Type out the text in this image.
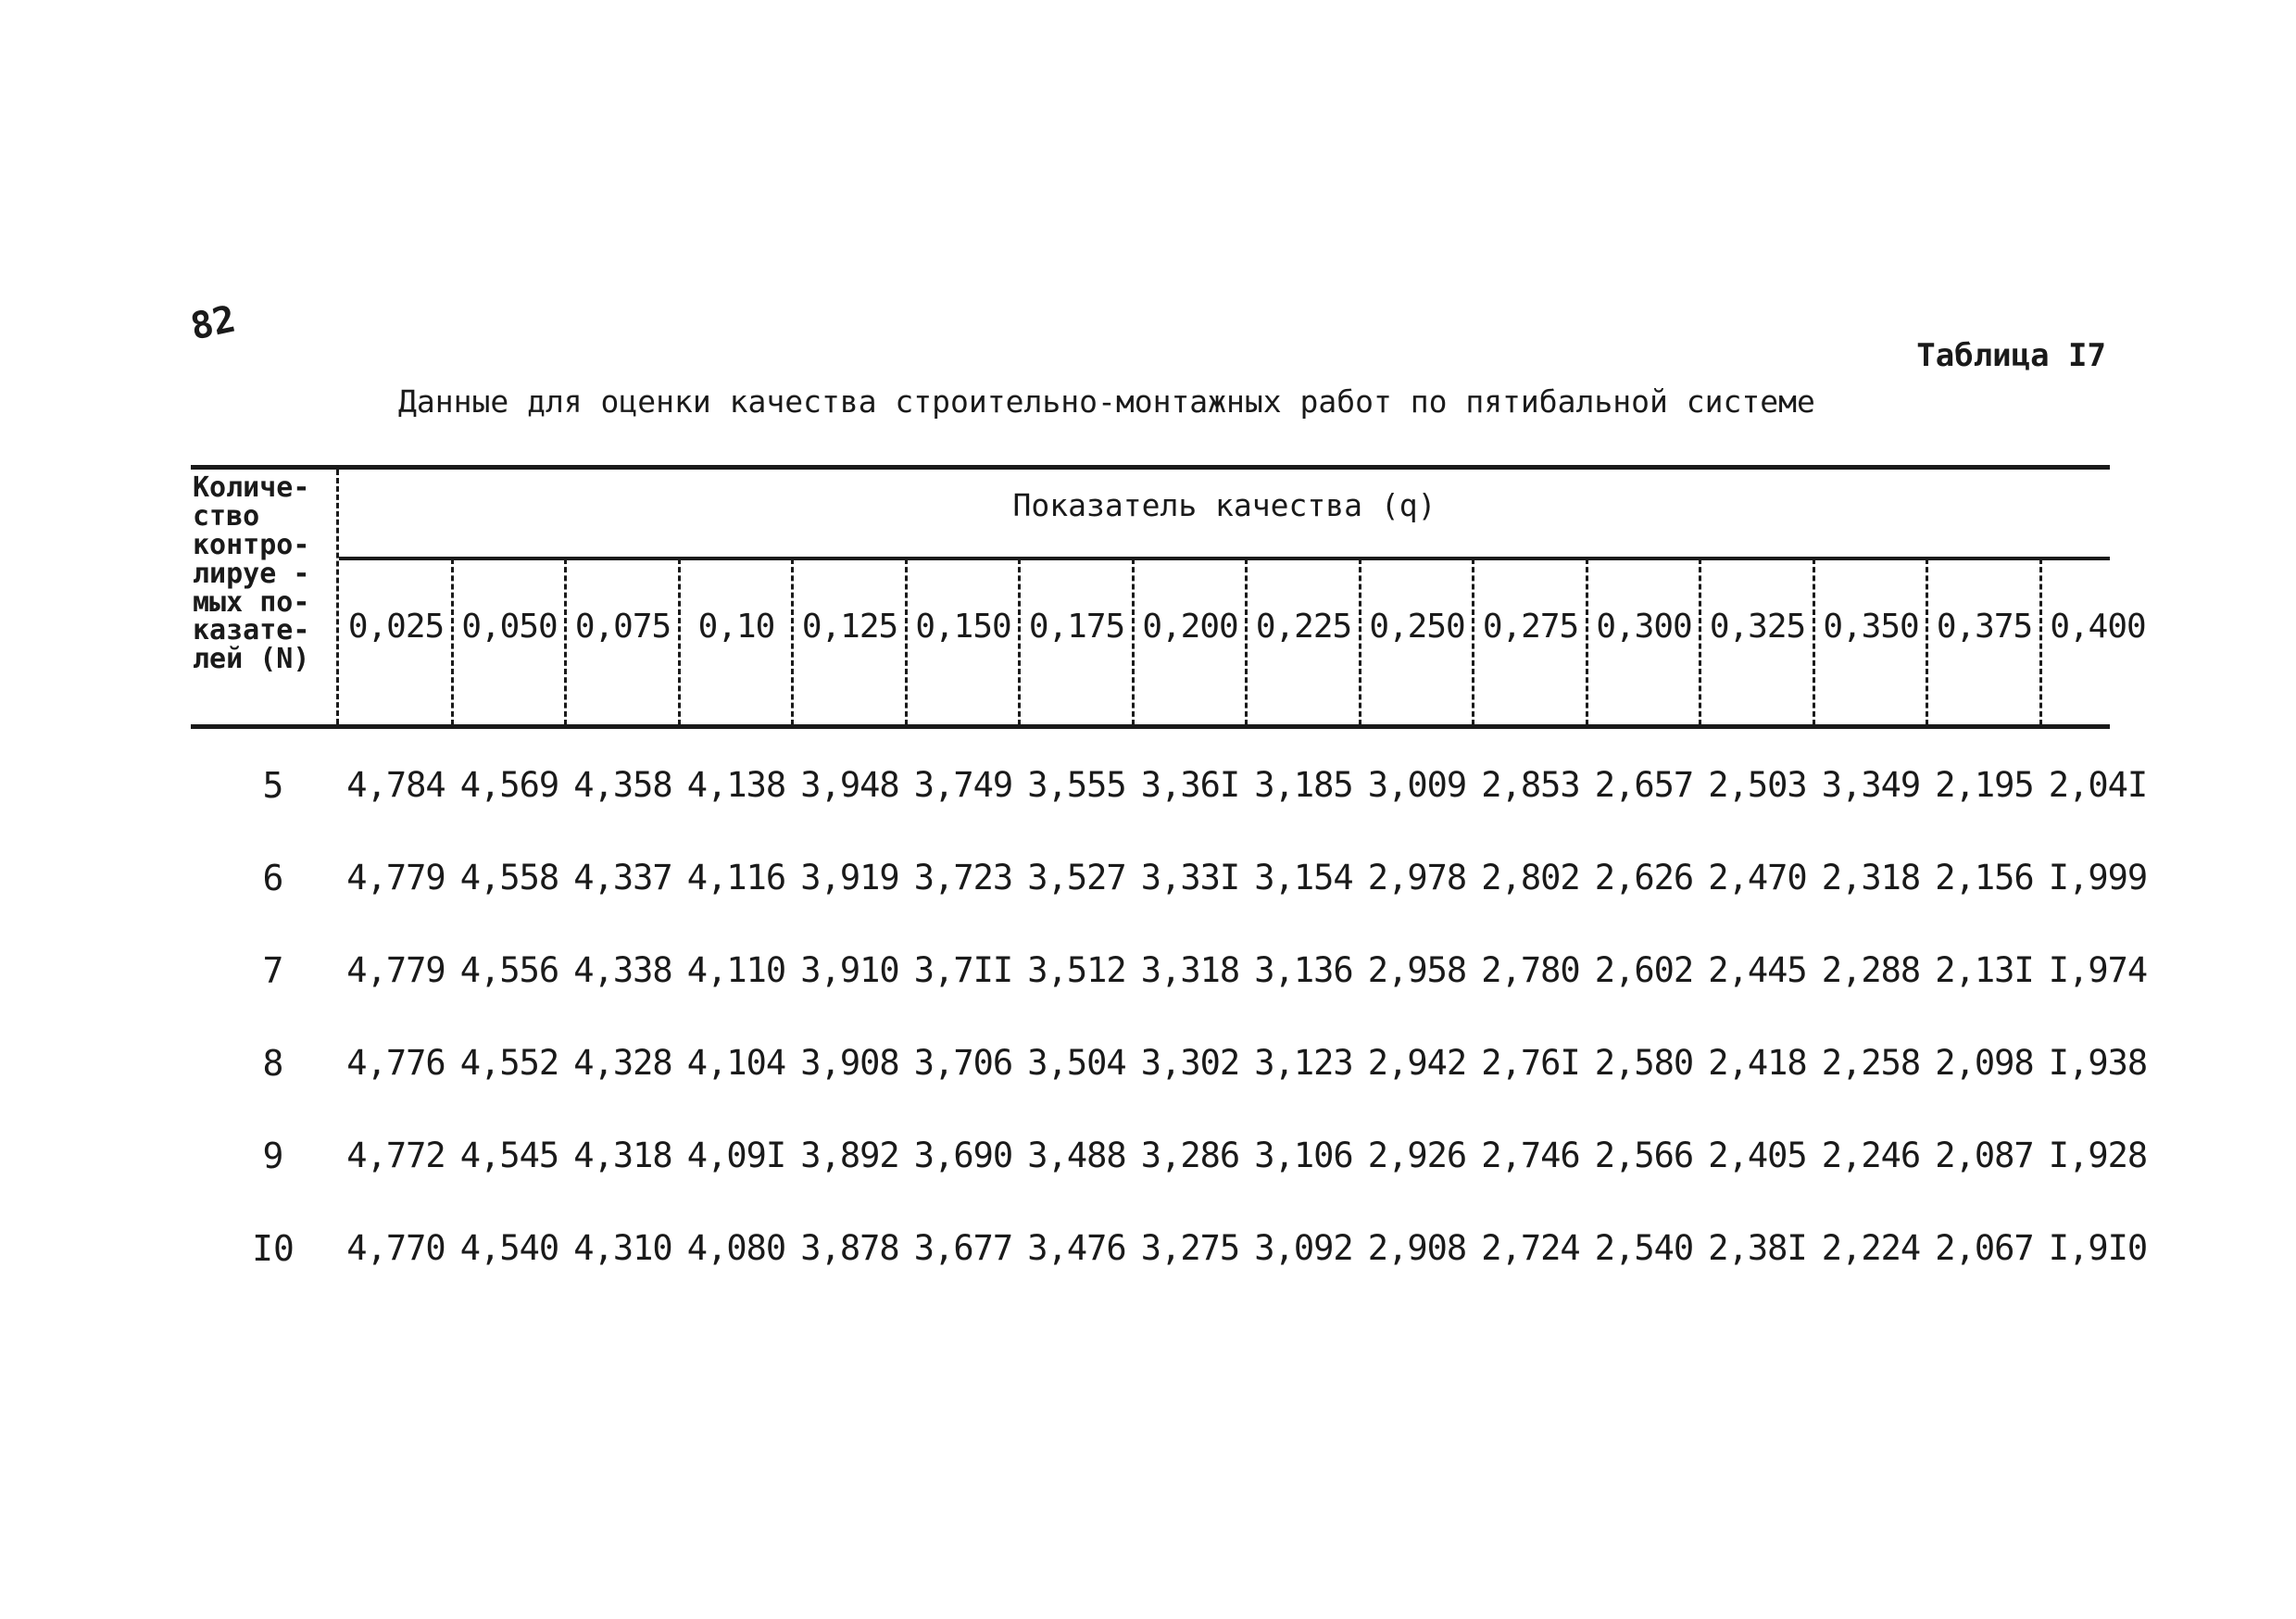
82
Таблица I7
Данные для оценки качества строительно-монтажных работ по пятибальной системе
Количе-
ство
контро-
лируе -
мых по-
казате-
лей (N)
Показатель качества (q)
0,025 0,050 0,075 0,10 0,125 0,150 0,175 0,200 0,225 0,250 0,275 0,300 0,325 0,350 0,375 0,400
5	4,784 4,569 4,358 4,138 3,948 3,749 3,555 3,36I 3,185 3,009 2,853 2,657 2,503 3,349 2,195 2,04I
6	4,779 4,558 4,337 4,116 3,919 3,723 3,527 3,33I 3,154 2,978 2,802 2,626 2,470 2,318 2,156 I,999
7	4,779 4,556 4,338 4,110 3,910 3,7II 3,512 3,318 3,136 2,958 2,780 2,602 2,445 2,288 2,13I I,974
8	4,776 4,552 4,328 4,104 3,908 3,706 3,504 3,302 3,123 2,942 2,76I 2,580 2,418 2,258 2,098 I,938
9	4,772 4,545 4,318 4,09I 3,892 3,690 3,488 3,286 3,106 2,926 2,746 2,566 2,405 2,246 2,087 I,928
I0	4,770 4,540 4,310 4,080 3,878 3,677 3,476 3,275 3,092 2,908 2,724 2,540 2,38I 2,224 2,067 I,9I0
